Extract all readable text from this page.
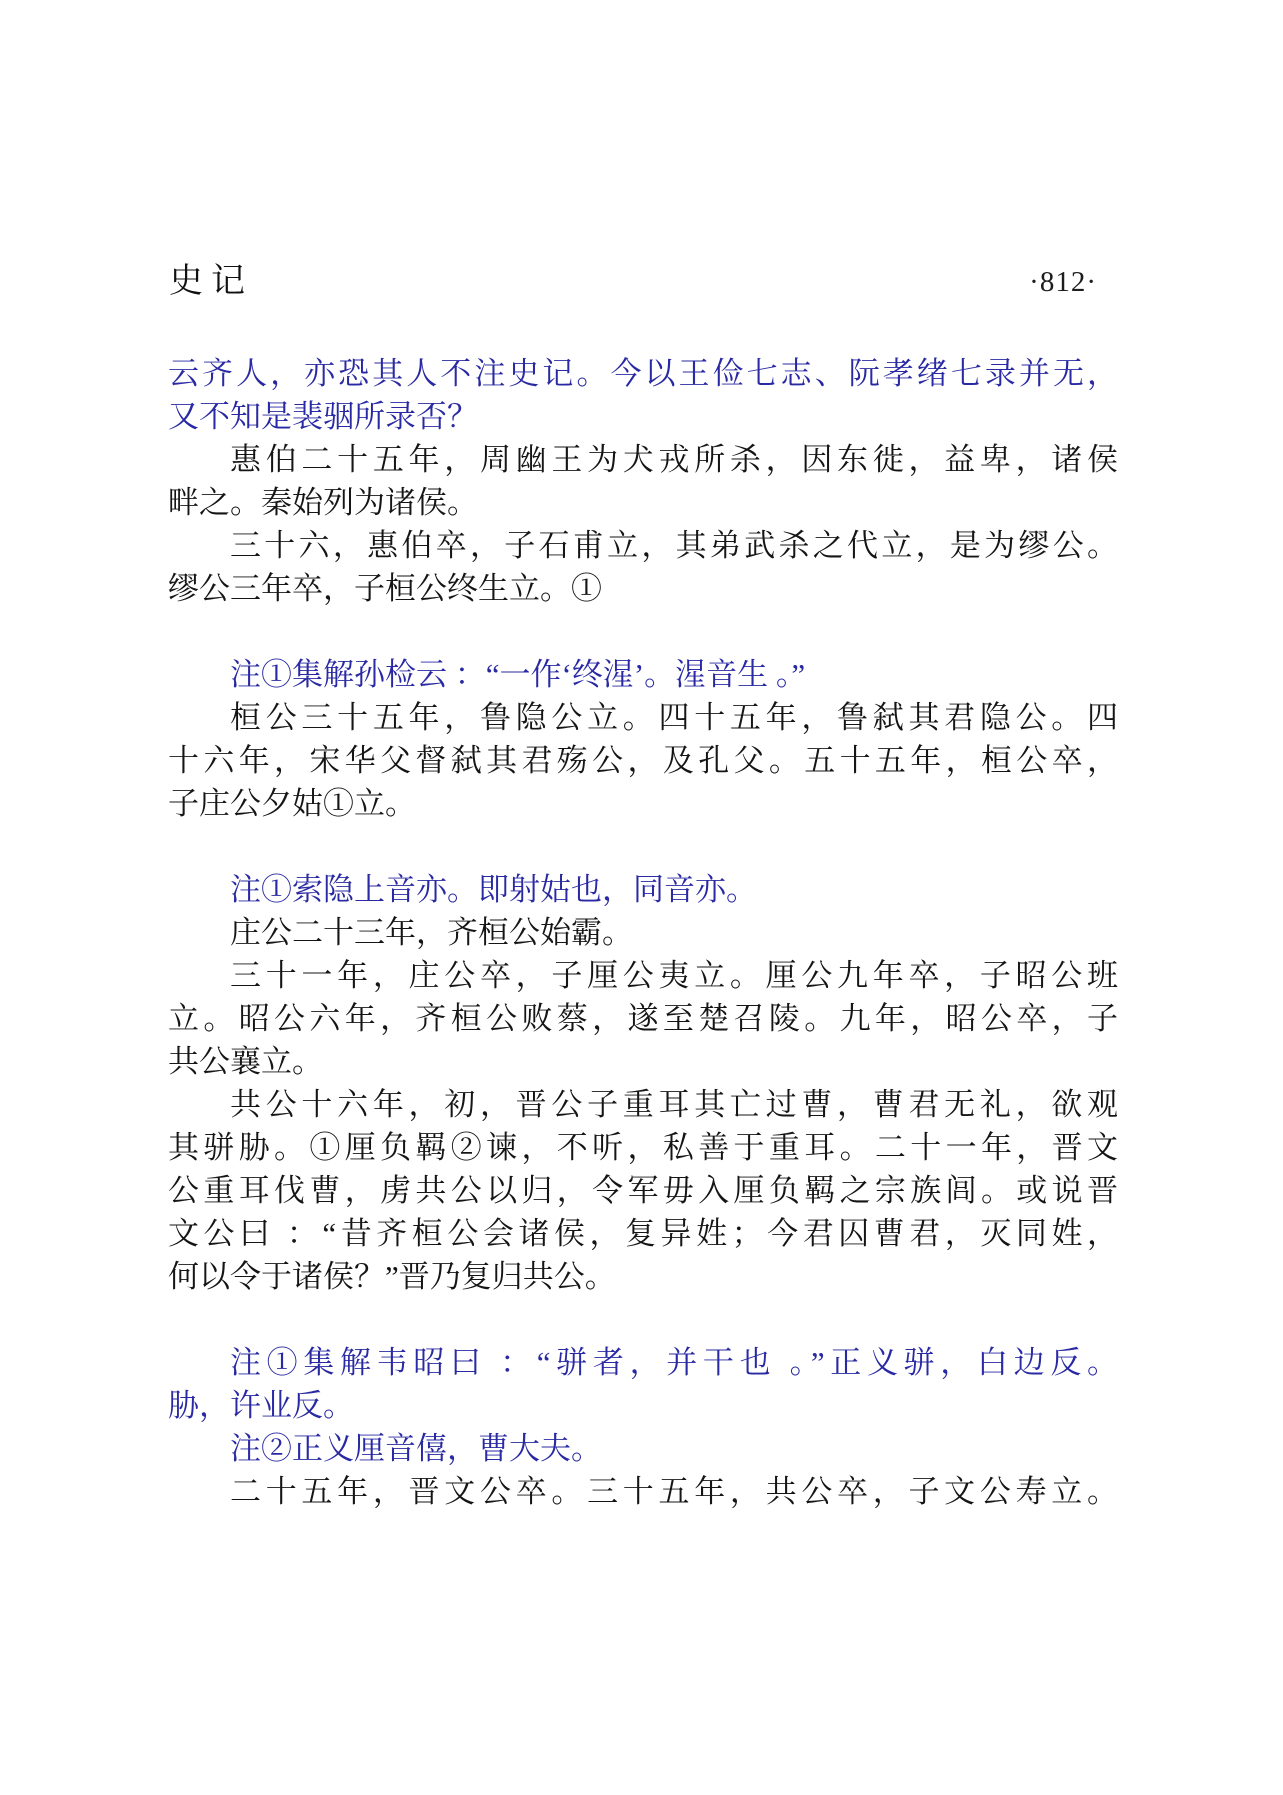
史记	·812·
云齐人，亦恐其人不注史记。今以王俭七志、阮孝绪七录并无，
又不知是裴骃所录否？
惠伯二十五年，周幽王为犬戎所杀，因东徙，益卑，诸侯
畔之。秦始列为诸侯。
三十六，惠伯卒，子石甫立，其弟武杀之代立，是为缪公。
缪公三年卒，子桓公终生立。①
注①集解孙检云 ：“一作‘终湦’。湦音生 。”
桓公三十五年，鲁隐公立。四十五年，鲁弑其君隐公。四
十六年，宋华父督弑其君殇公，及孔父。五十五年，桓公卒，
子庄公夕姑①立。
注①索隐上音亦。即射姑也，同音亦。
庄公二十三年，齐桓公始霸。
三十一年，庄公卒，子厘公夷立。厘公九年卒，子昭公班
立。昭公六年，齐桓公败蔡，遂至楚召陵。九年，昭公卒，子
共公襄立。
共公十六年，初，晋公子重耳其亡过曹，曹君无礼，欲观
其骈胁。①厘负羁②谏，不听，私善于重耳。二十一年，晋文
公重耳伐曹，虏共公以归，令军毋入厘负羁之宗族闾。或说晋
文公曰 ：“昔齐桓公会诸侯，复异姓；今君囚曹君，灭同姓，
何以令于诸侯？”晋乃复归共公。
注①集解韦昭曰 ：“骈者，并干也 。”正义骈，白边反。
胁，许业反。
注②正义厘音僖，曹大夫。
二十五年，晋文公卒。三十五年，共公卒，子文公寿立。
